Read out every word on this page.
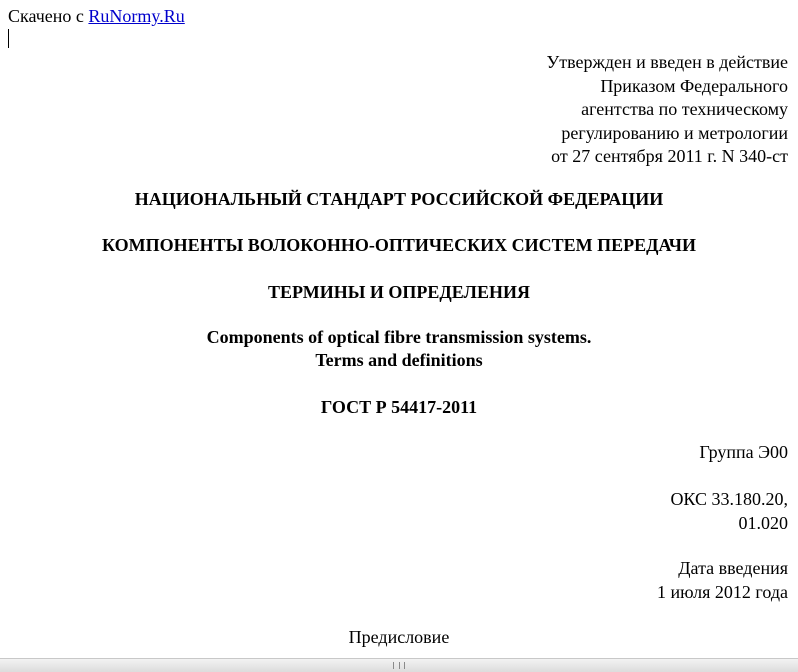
Скачено с RuNormy.Ru
Утвержден и введен в действие
Приказом Федерального
агентства по техническому
регулированию и метрологии
от 27 сентября 2011 г. N 340-ст
НАЦИОНАЛЬНЫЙ СТАНДАРТ РОССИЙСКОЙ ФЕДЕРАЦИИ
КОМПОНЕНТЫ ВОЛОКОННО-ОПТИЧЕСКИХ СИСТЕМ ПЕРЕДАЧИ
ТЕРМИНЫ И ОПРЕДЕЛЕНИЯ
Components of optical fibre transmission systems.
Terms and definitions
ГОСТ Р 54417-2011
Группа Э00
ОКС 33.180.20,
01.020
Дата введения
1 июля 2012 года
Предисловие
